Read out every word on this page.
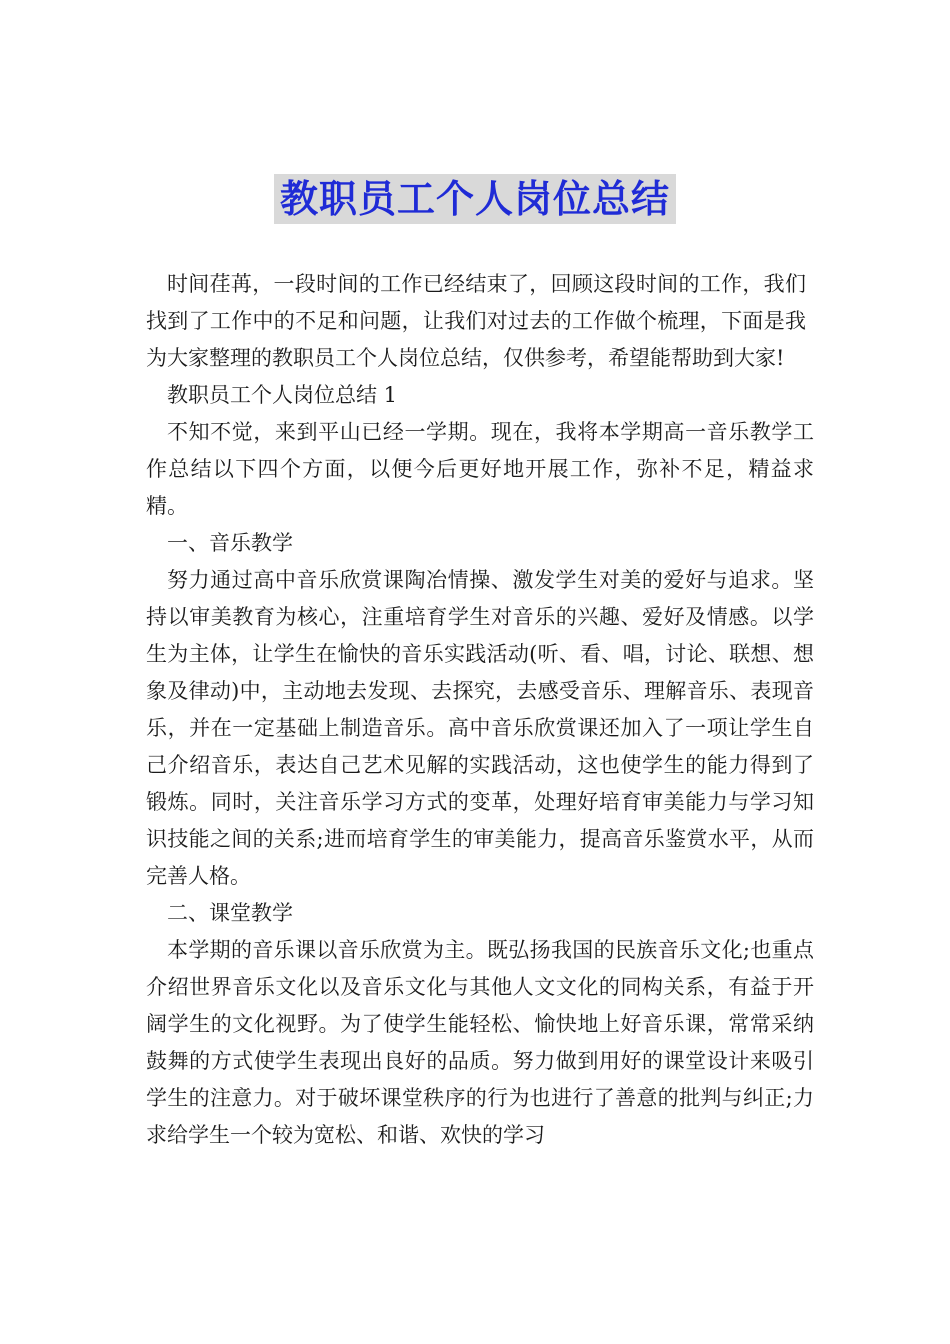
教职员工个人岗位总结

时间荏苒，一段时间的工作已经结束了，回顾这段时间的工作，我们找到了工作中的不足和问题，让我们对过去的工作做个梳理，下面是我为大家整理的教职员工个人岗位总结，仅供参考，希望能帮助到大家!

教职员工个人岗位总结 1

不知不觉，来到平山已经一学期。现在，我将本学期高一音乐教学工作总结以下四个方面，以便今后更好地开展工作，弥补不足，精益求精。

一、音乐教学

努力通过高中音乐欣赏课陶冶情操、激发学生对美的爱好与追求。坚持以审美教育为核心，注重培育学生对音乐的兴趣、爱好及情感。以学生为主体，让学生在愉快的音乐实践活动(听、看、唱，讨论、联想、想象及律动)中，主动地去发现、去探究，去感受音乐、理解音乐、表现音乐，并在一定基础上制造音乐。高中音乐欣赏课还加入了一项让学生自己介绍音乐，表达自己艺术见解的实践活动，这也使学生的能力得到了锻炼。同时，关注音乐学习方式的变革，处理好培育审美能力与学习知识技能之间的关系;进而培育学生的审美能力，提高音乐鉴赏水平，从而完善人格。

二、课堂教学

本学期的音乐课以音乐欣赏为主。既弘扬我国的民族音乐文化;也重点介绍世界音乐文化以及音乐文化与其他人文文化的同构关系，有益于开阔学生的文化视野。为了使学生能轻松、愉快地上好音乐课，常常采纳鼓舞的方式使学生表现出良好的品质。努力做到用好的课堂设计来吸引学生的注意力。对于破坏课堂秩序的行为也进行了善意的批判与纠正;力求给学生一个较为宽松、和谐、欢快的学习
